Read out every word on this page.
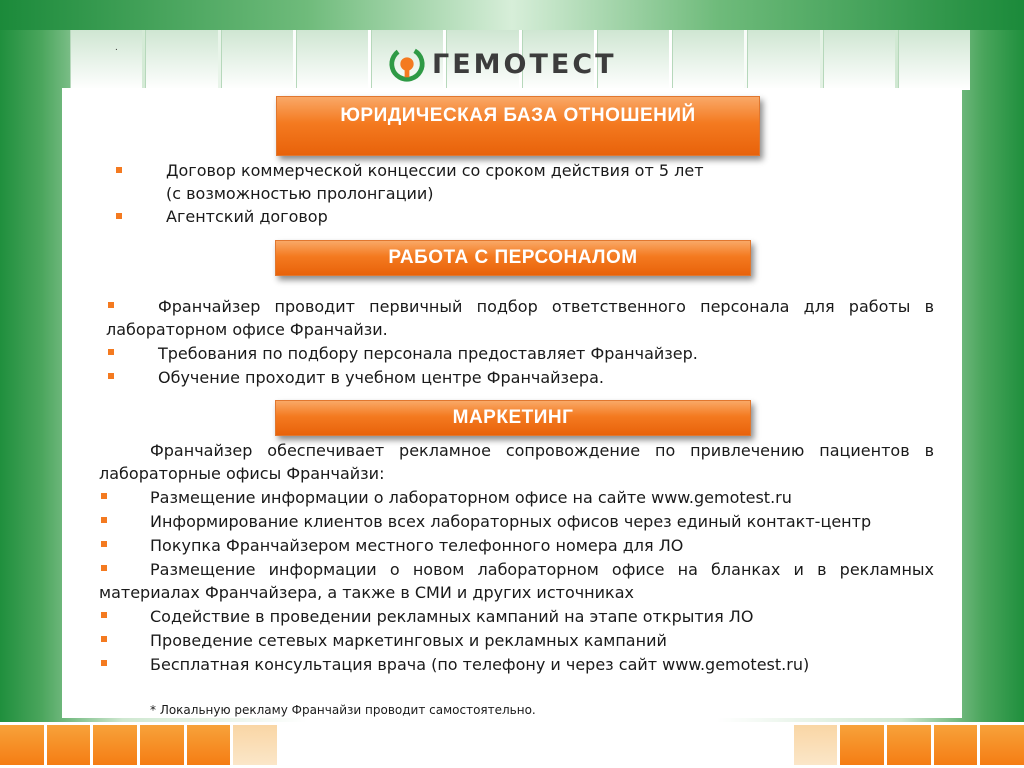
.
ГЕМОТЕСТ
ЮРИДИЧЕСКАЯ БАЗА ОТНОШЕНИЙ
Договор коммерческой концессии со сроком действия от 5 лет
(с возможностью пролонгации)
Агентский договор
РАБОТА С ПЕРСОНАЛОМ
Франчайзер проводит первичный подбор ответственного персонала для работы в
лабораторном офисе Франчайзи.
Требования по подбору персонала предоставляет Франчайзер.
Обучение проходит в учебном центре Франчайзера.
МАРКЕТИНГ
Франчайзер обеспечивает рекламное сопровождение по привлечению пациентов в
лабораторные офисы Франчайзи:
Размещение информации о лабораторном офисе на сайте www.gemotest.ru
Информирование клиентов всех лабораторных офисов через единый контакт-центр
Покупка Франчайзером местного телефонного номера для ЛО
Размещение информации о новом лабораторном офисе на бланках и в рекламных
материалах Франчайзера, а также в СМИ и других источниках
Содействие в проведении рекламных кампаний на этапе открытия ЛО
Проведение сетевых маркетинговых и рекламных кампаний
Бесплатная консультация врача (по телефону и через сайт www.gemotest.ru)
* Локальную рекламу Франчайзи проводит самостоятельно.
